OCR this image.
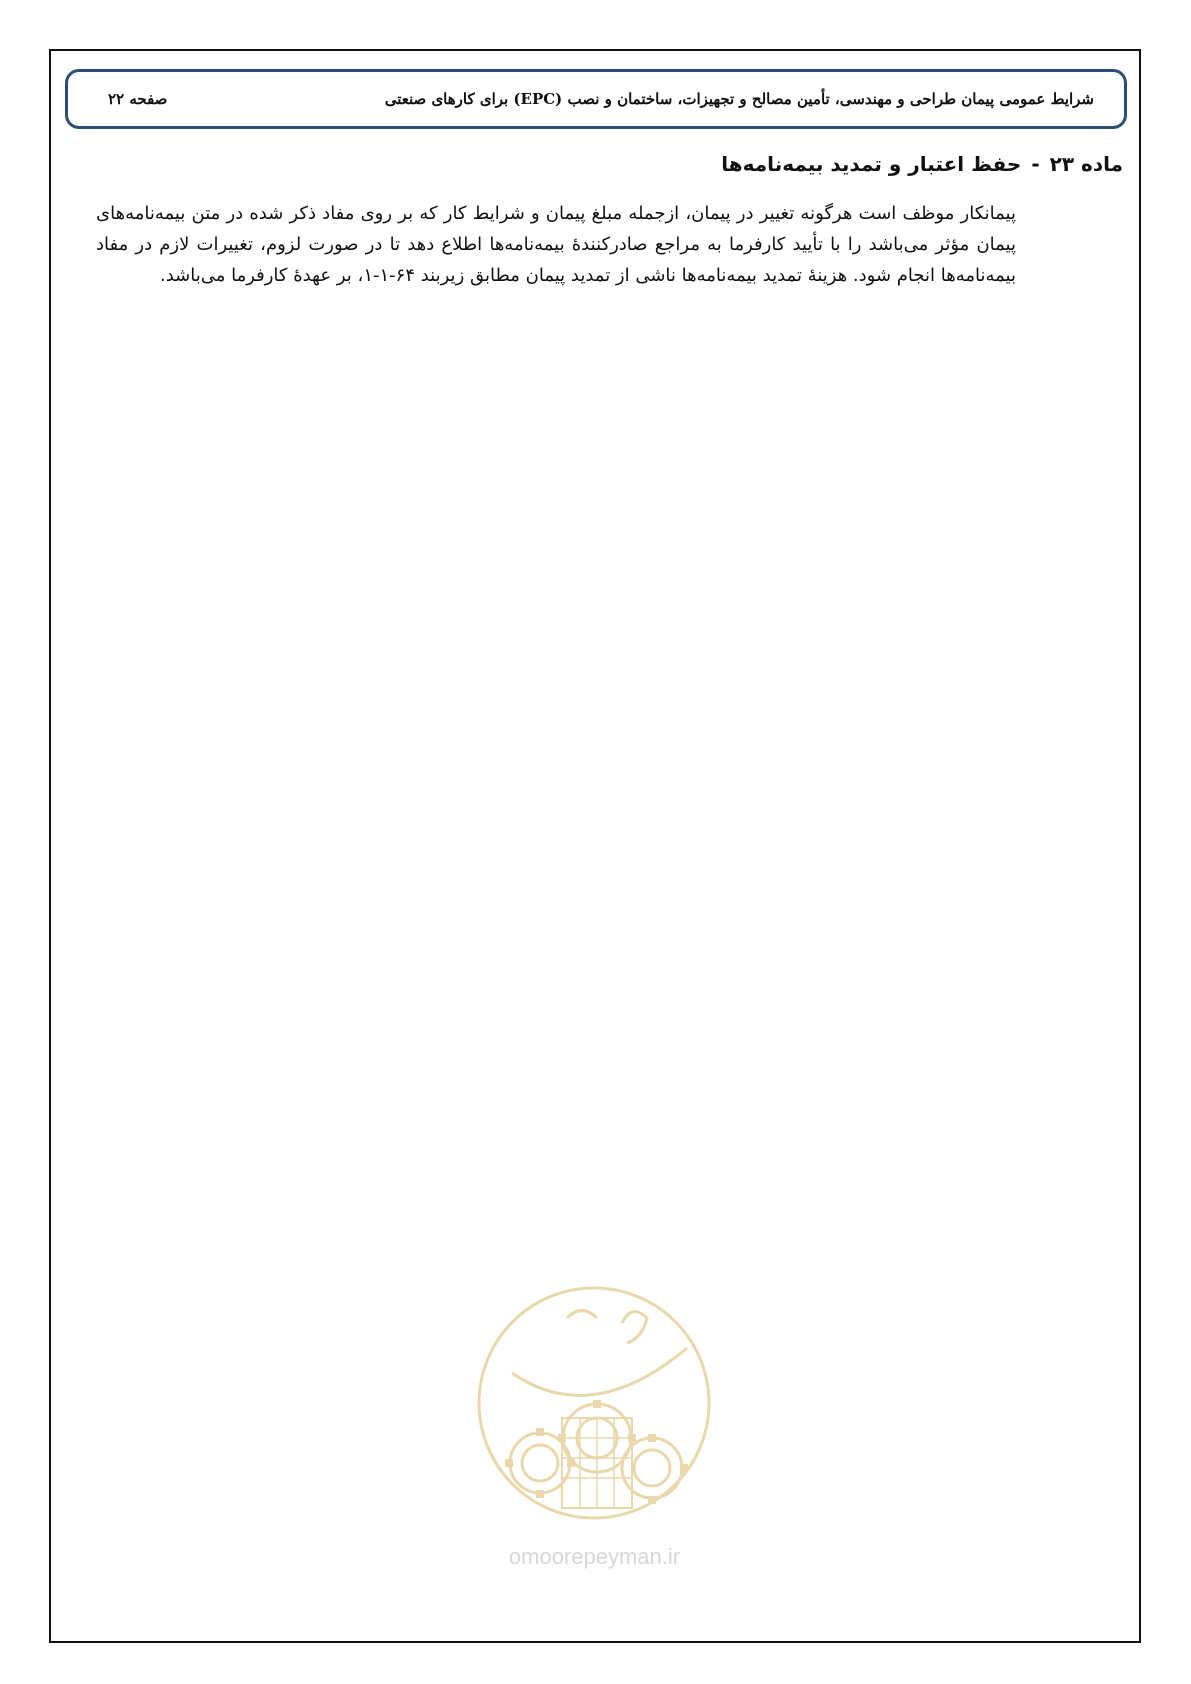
شرایط عمومی پیمان طراحی و مهندسی، تأمین مصالح و تجهیزات، ساختمان و نصب (EPC) برای کارهای صنعتی
صفحه ۲۲
ماده ۲۳-حفظ اعتبار و تمدید بیمه‌نامه‌ها

پیمانکار موظف است هرگونه تغییر در پیمان، ازجمله مبلغ پیمان و شرایط کار که بر روی مفاد ذکر شده در متن بیمه‌نامه‌های پیمان مؤثر می‌باشد را با تأیید کارفرما به مراجع صادرکنندۀ بیمه‌نامه‌ها اطلاع دهد تا در صورت لزوم، تغییرات لازم در مفاد بیمه‌نامه‌ها انجام شود. هزینۀ تمدید بیمه‌نامه‌ها ناشی از تمدید پیمان مطابق زیربند ۶۴-۱-۱، بر عهدۀ کارفرما می‌باشد.

omoorepeyman.ir
